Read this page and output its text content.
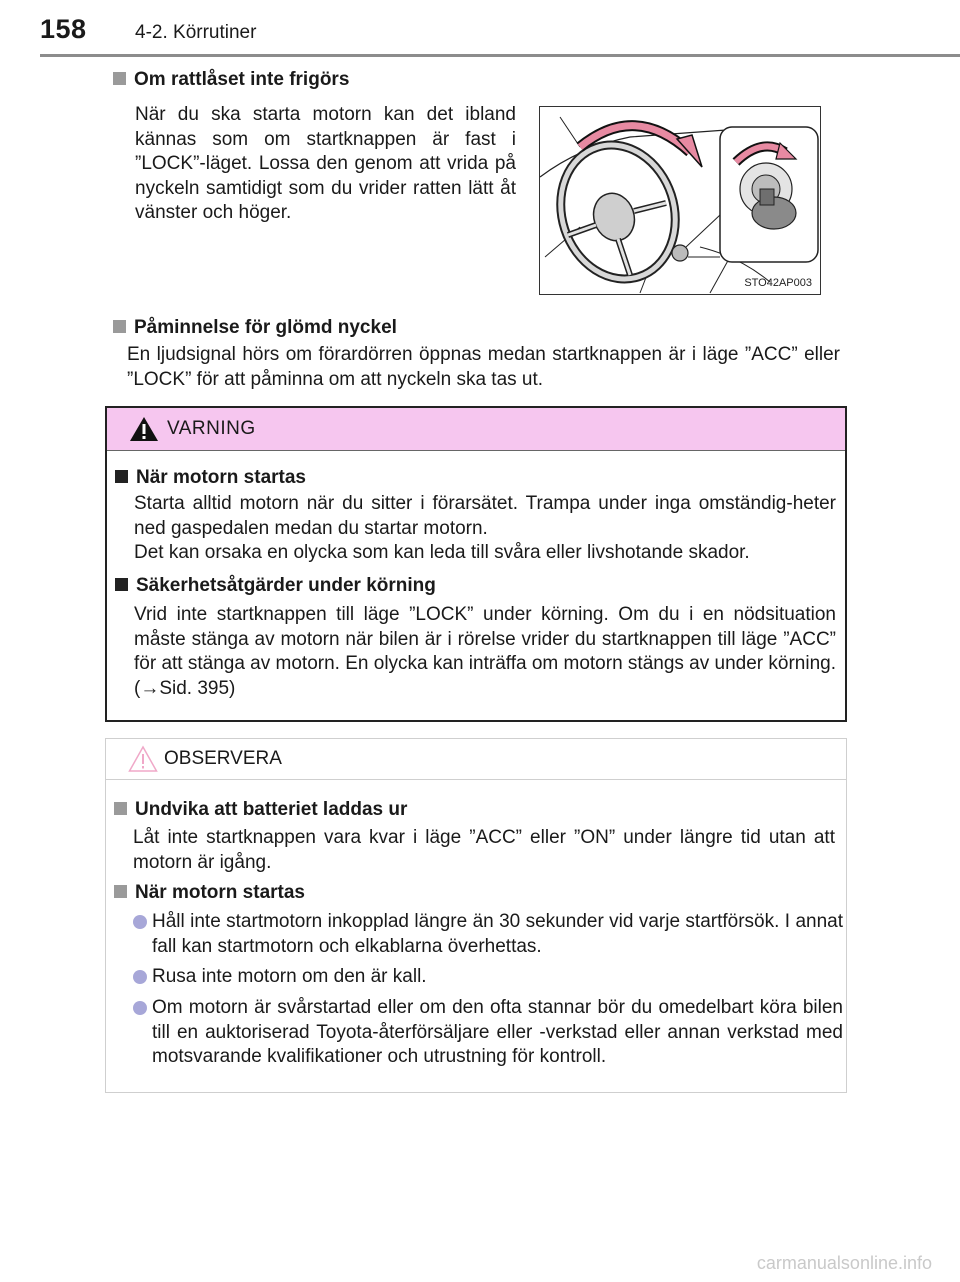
158	4-2. Körrutiner
Om rattlåset inte frigörs
När du ska starta motorn kan det ibland kännas som om startknappen är fast i ”LOCK”-läget. Lossa den genom att vrida på nyckeln samtidigt som du vrider ratten lätt åt vänster och höger.
STO42AP003
Påminnelse för glömd nyckel
En ljudsignal hörs om förardörren öppnas medan startknappen är i läge ”ACC” eller ”LOCK” för att påminna om att nyckeln ska tas ut.
VARNING
När motorn startas
Starta alltid motorn när du sitter i förarsätet. Trampa under inga omständig-heter ned gaspedalen medan du startar motorn.
Det kan orsaka en olycka som kan leda till svåra eller livshotande skador.
Säkerhetsåtgärder under körning
Vrid inte startknappen till läge ”LOCK” under körning. Om du i en nödsituation måste stänga av motorn när bilen är i rörelse vrider du startknappen till läge ”ACC” för att stänga av motorn. En olycka kan inträffa om motorn stängs av under körning. (→Sid. 395)
OBSERVERA
Undvika att batteriet laddas ur
Låt inte startknappen vara kvar i läge ”ACC” eller ”ON” under längre tid utan att motorn är igång.
När motorn startas
Håll inte startmotorn inkopplad längre än 30 sekunder vid varje startförsök. I annat fall kan startmotorn och elkablarna överhettas.
Rusa inte motorn om den är kall.
Om motorn är svårstartad eller om den ofta stannar bör du omedelbart köra bilen till en auktoriserad Toyota-återförsäljare eller -verkstad eller annan verkstad med motsvarande kvalifikationer och utrustning för kontroll.
carmanualsonline.info
